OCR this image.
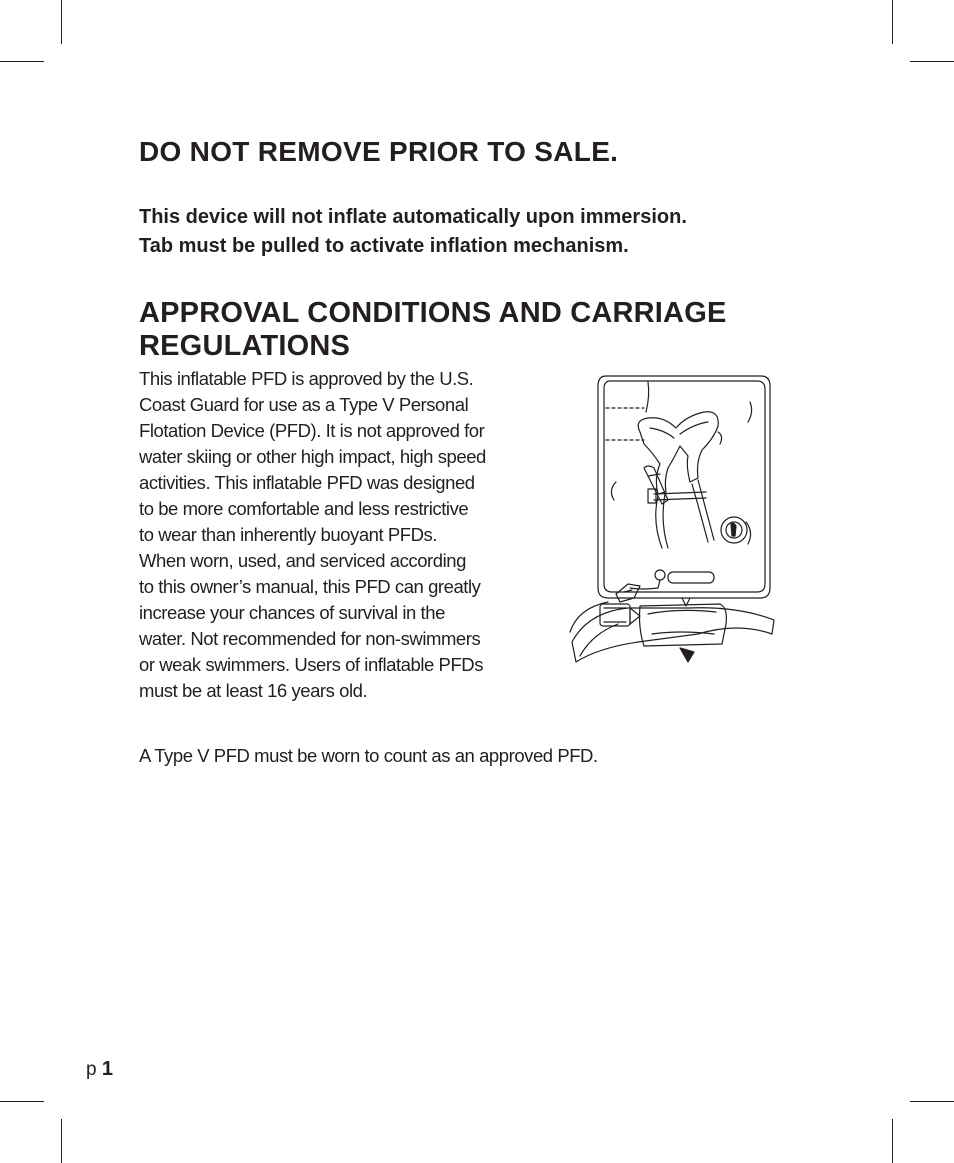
DO NOT REMOVE PRIOR TO SALE.
This device will not inflate automatically upon immersion.
Tab must be pulled to activate inflation mechanism.
APPROVAL CONDITIONS AND CARRIAGE
REGULATIONS
This inflatable PFD is approved by the U.S.
Coast Guard for use as a Type V Personal
Flotation Device (PFD). It is not approved for
water skiing or other high impact, high speed
activities. This inflatable PFD was designed
to be more comfortable and less restrictive
to wear than inherently buoyant PFDs.
When worn, used, and serviced according
to this owner’s manual, this PFD can greatly
increase your chances of survival in the
water. Not recommended for non-swimmers
or weak swimmers. Users of inflatable PFDs
must be at least 16 years old.

A Type V PFD must be worn to count as an approved PFD.

p 1
